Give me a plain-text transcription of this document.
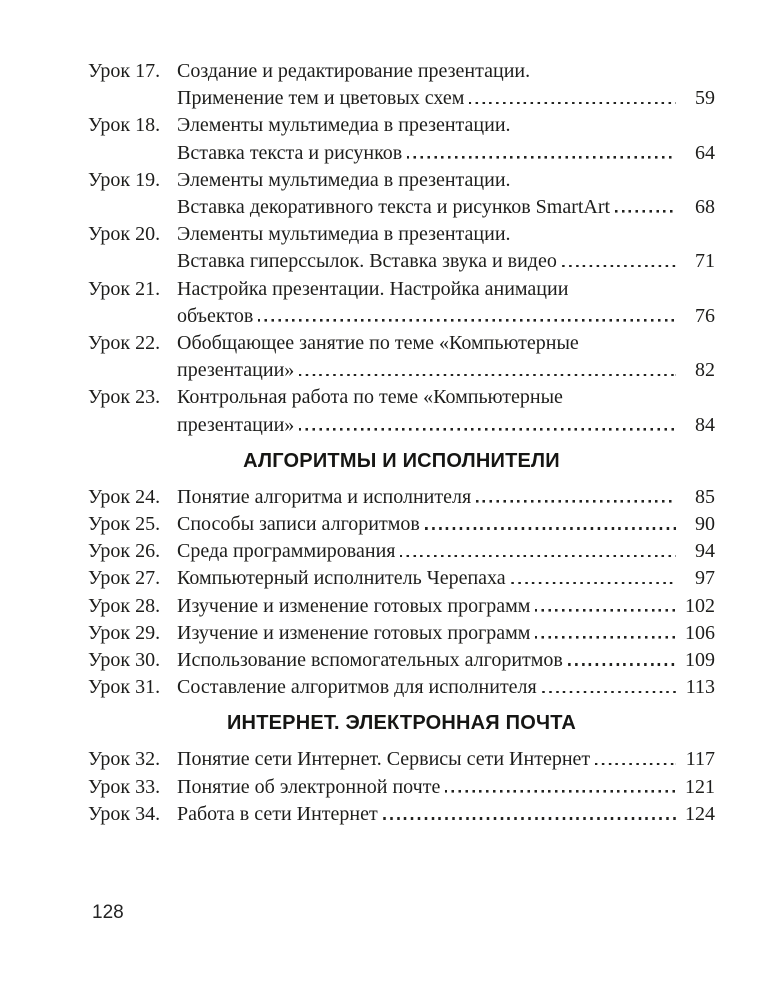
Урок 17. Создание и редактирование презентации.
Применение тем и цветовых схем	59
Урок 18. Элементы мультимедиа в презентации.
Вставка текста и рисунков	64
Урок 19. Элементы мультимедиа в презентации.
Вставка декоративного текста и рисунков SmartArt	68
Урок 20. Элементы мультимедиа в презентации.
Вставка гиперссылок. Вставка звука и видео	71
Урок 21. Настройка презентации. Настройка анимации
объектов	76
Урок 22. Обобщающее занятие по теме «Компьютерные
презентации»	82
Урок 23. Контрольная работа по теме «Компьютерные
презентации»	84
АЛГОРИТМЫ И ИСПОЛНИТЕЛИ
Урок 24. Понятие алгоритма и исполнителя	85
Урок 25. Способы записи алгоритмов	90
Урок 26. Среда программирования	94
Урок 27. Компьютерный исполнитель Черепаха	97
Урок 28. Изучение и изменение готовых программ	102
Урок 29. Изучение и изменение готовых программ	106
Урок 30. Использование вспомогательных алгоритмов	109
Урок 31. Составление алгоритмов для исполнителя	113
ИНТЕРНЕТ. ЭЛЕКТРОННАЯ ПОЧТА
Урок 32. Понятие сети Интернет. Сервисы сети Интернет	117
Урок 33. Понятие об электронной почте	121
Урок 34. Работа в сети Интернет	124
128
